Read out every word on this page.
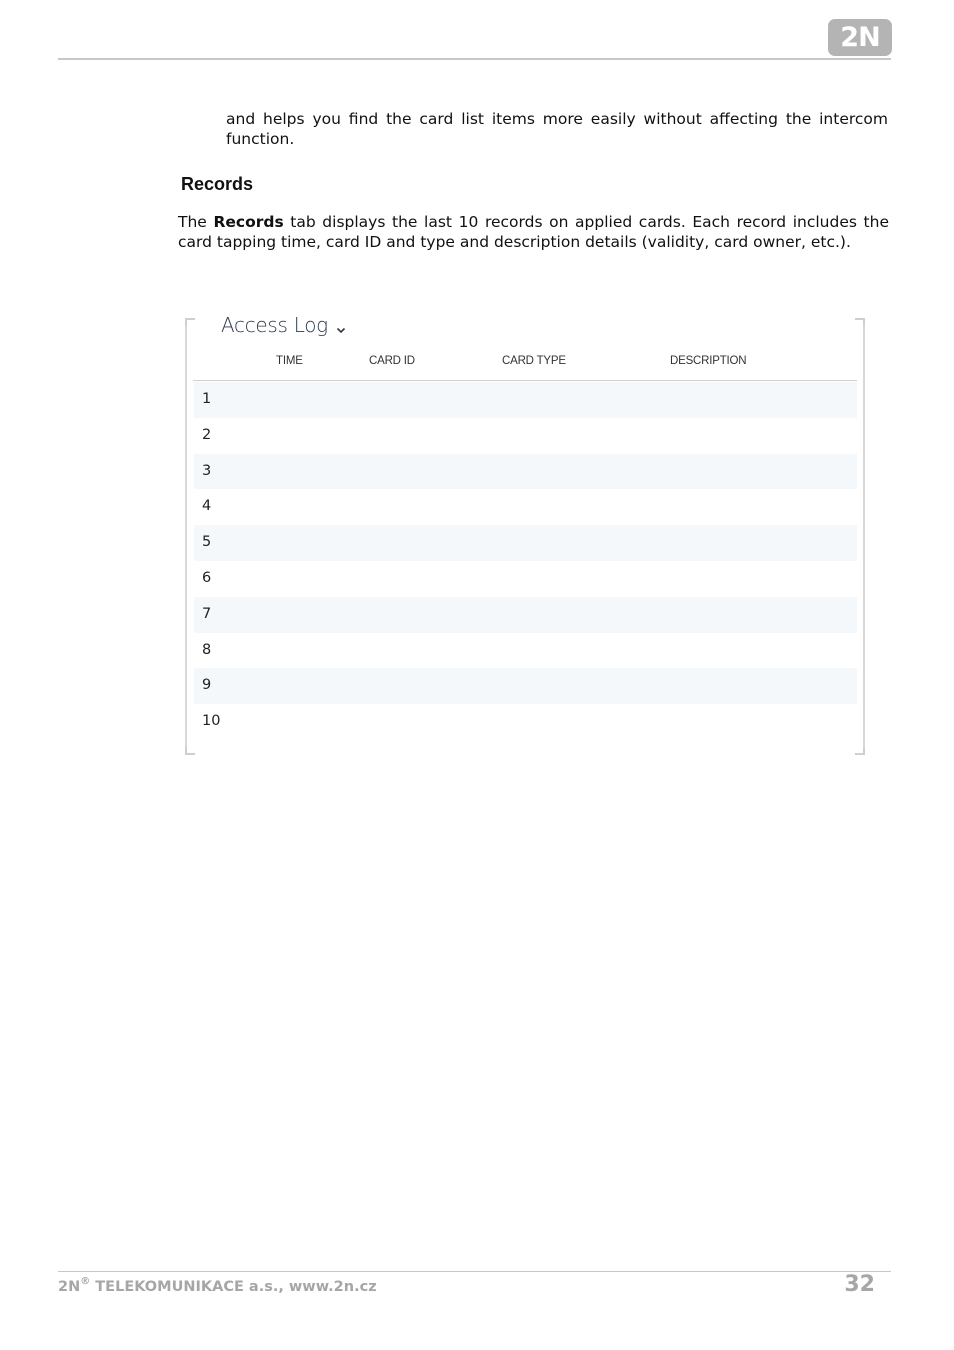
2N
and helps you find the card list items more easily without affecting the intercom function.
Records
The Records tab displays the last 10 records on applied cards. Each record includes the card tapping time, card ID and type and description details (validity, card owner, etc.).
Access Log
TIME	CARD ID	CARD TYPE	DESCRIPTION
1
2
3
4
5
6
7
8
9
10
2N® TELEKOMUNIKACE a.s., www.2n.cz	32
